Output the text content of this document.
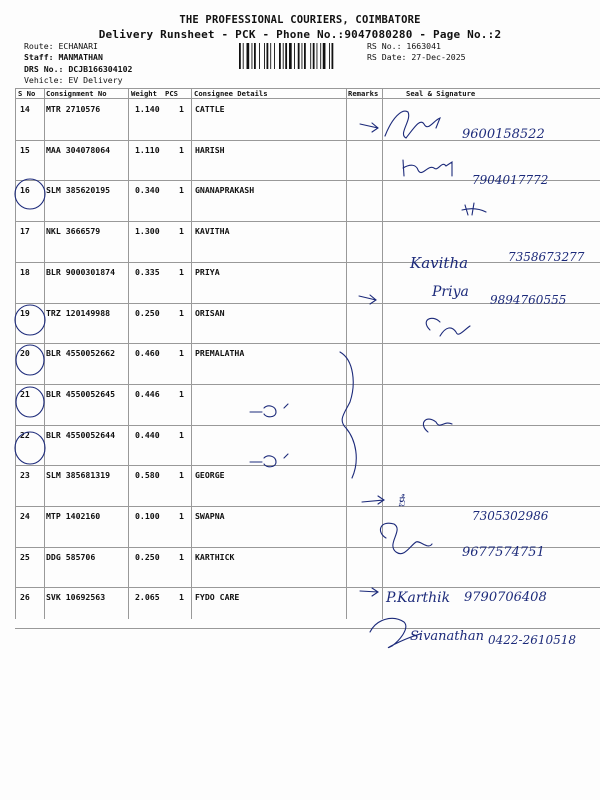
THE PROFESSIONAL COURIERS, COIMBATORE
Delivery Runsheet - PCK - Phone No.:9047080280 - Page No.:2
Route: ECHANARI
Staff: MANMATHAN
DRS No.: DCJB166304102
Vehicle: EV Delivery
RS No.: 1663041
RS Date: 27-Dec-2025
S No Consignment No	Weight PCS Consignee Details	Remarks	Seal & Signature
14 MTR 2710576	1.140 1 CATTLE
15 MAA 304078064	1.110 1 HARISH
16 SLM 385620195	0.340 1 GNANAPRAKASH
17 NKL 3666579	1.300 1 KAVITHA
18 BLR 9000301874 0.335 1 PRIYA
19 TRZ 120149988	0.250 1 ORISAN
20 BLR 4550052662 0.460 1 PREMALATHA
21 BLR 4550052645 0.446 1
22 BLR 4550052644 0.440 1
23 SLM 385681319	0.580 1 GEORGE
24 MTP 1402160	0.100 1 SWAPNA
25 DDG 585706	0.250 1 KARTHICK
26 SVK 10692563	2.065 1 FYDO CARE
9600158522
7904017772
Kavitha	7358673277
Priya 9894760555
ಕ್ಬಿ
7305302986
9677574751
P.Karthik 9790706408
Sivanathan 0422-2610518
